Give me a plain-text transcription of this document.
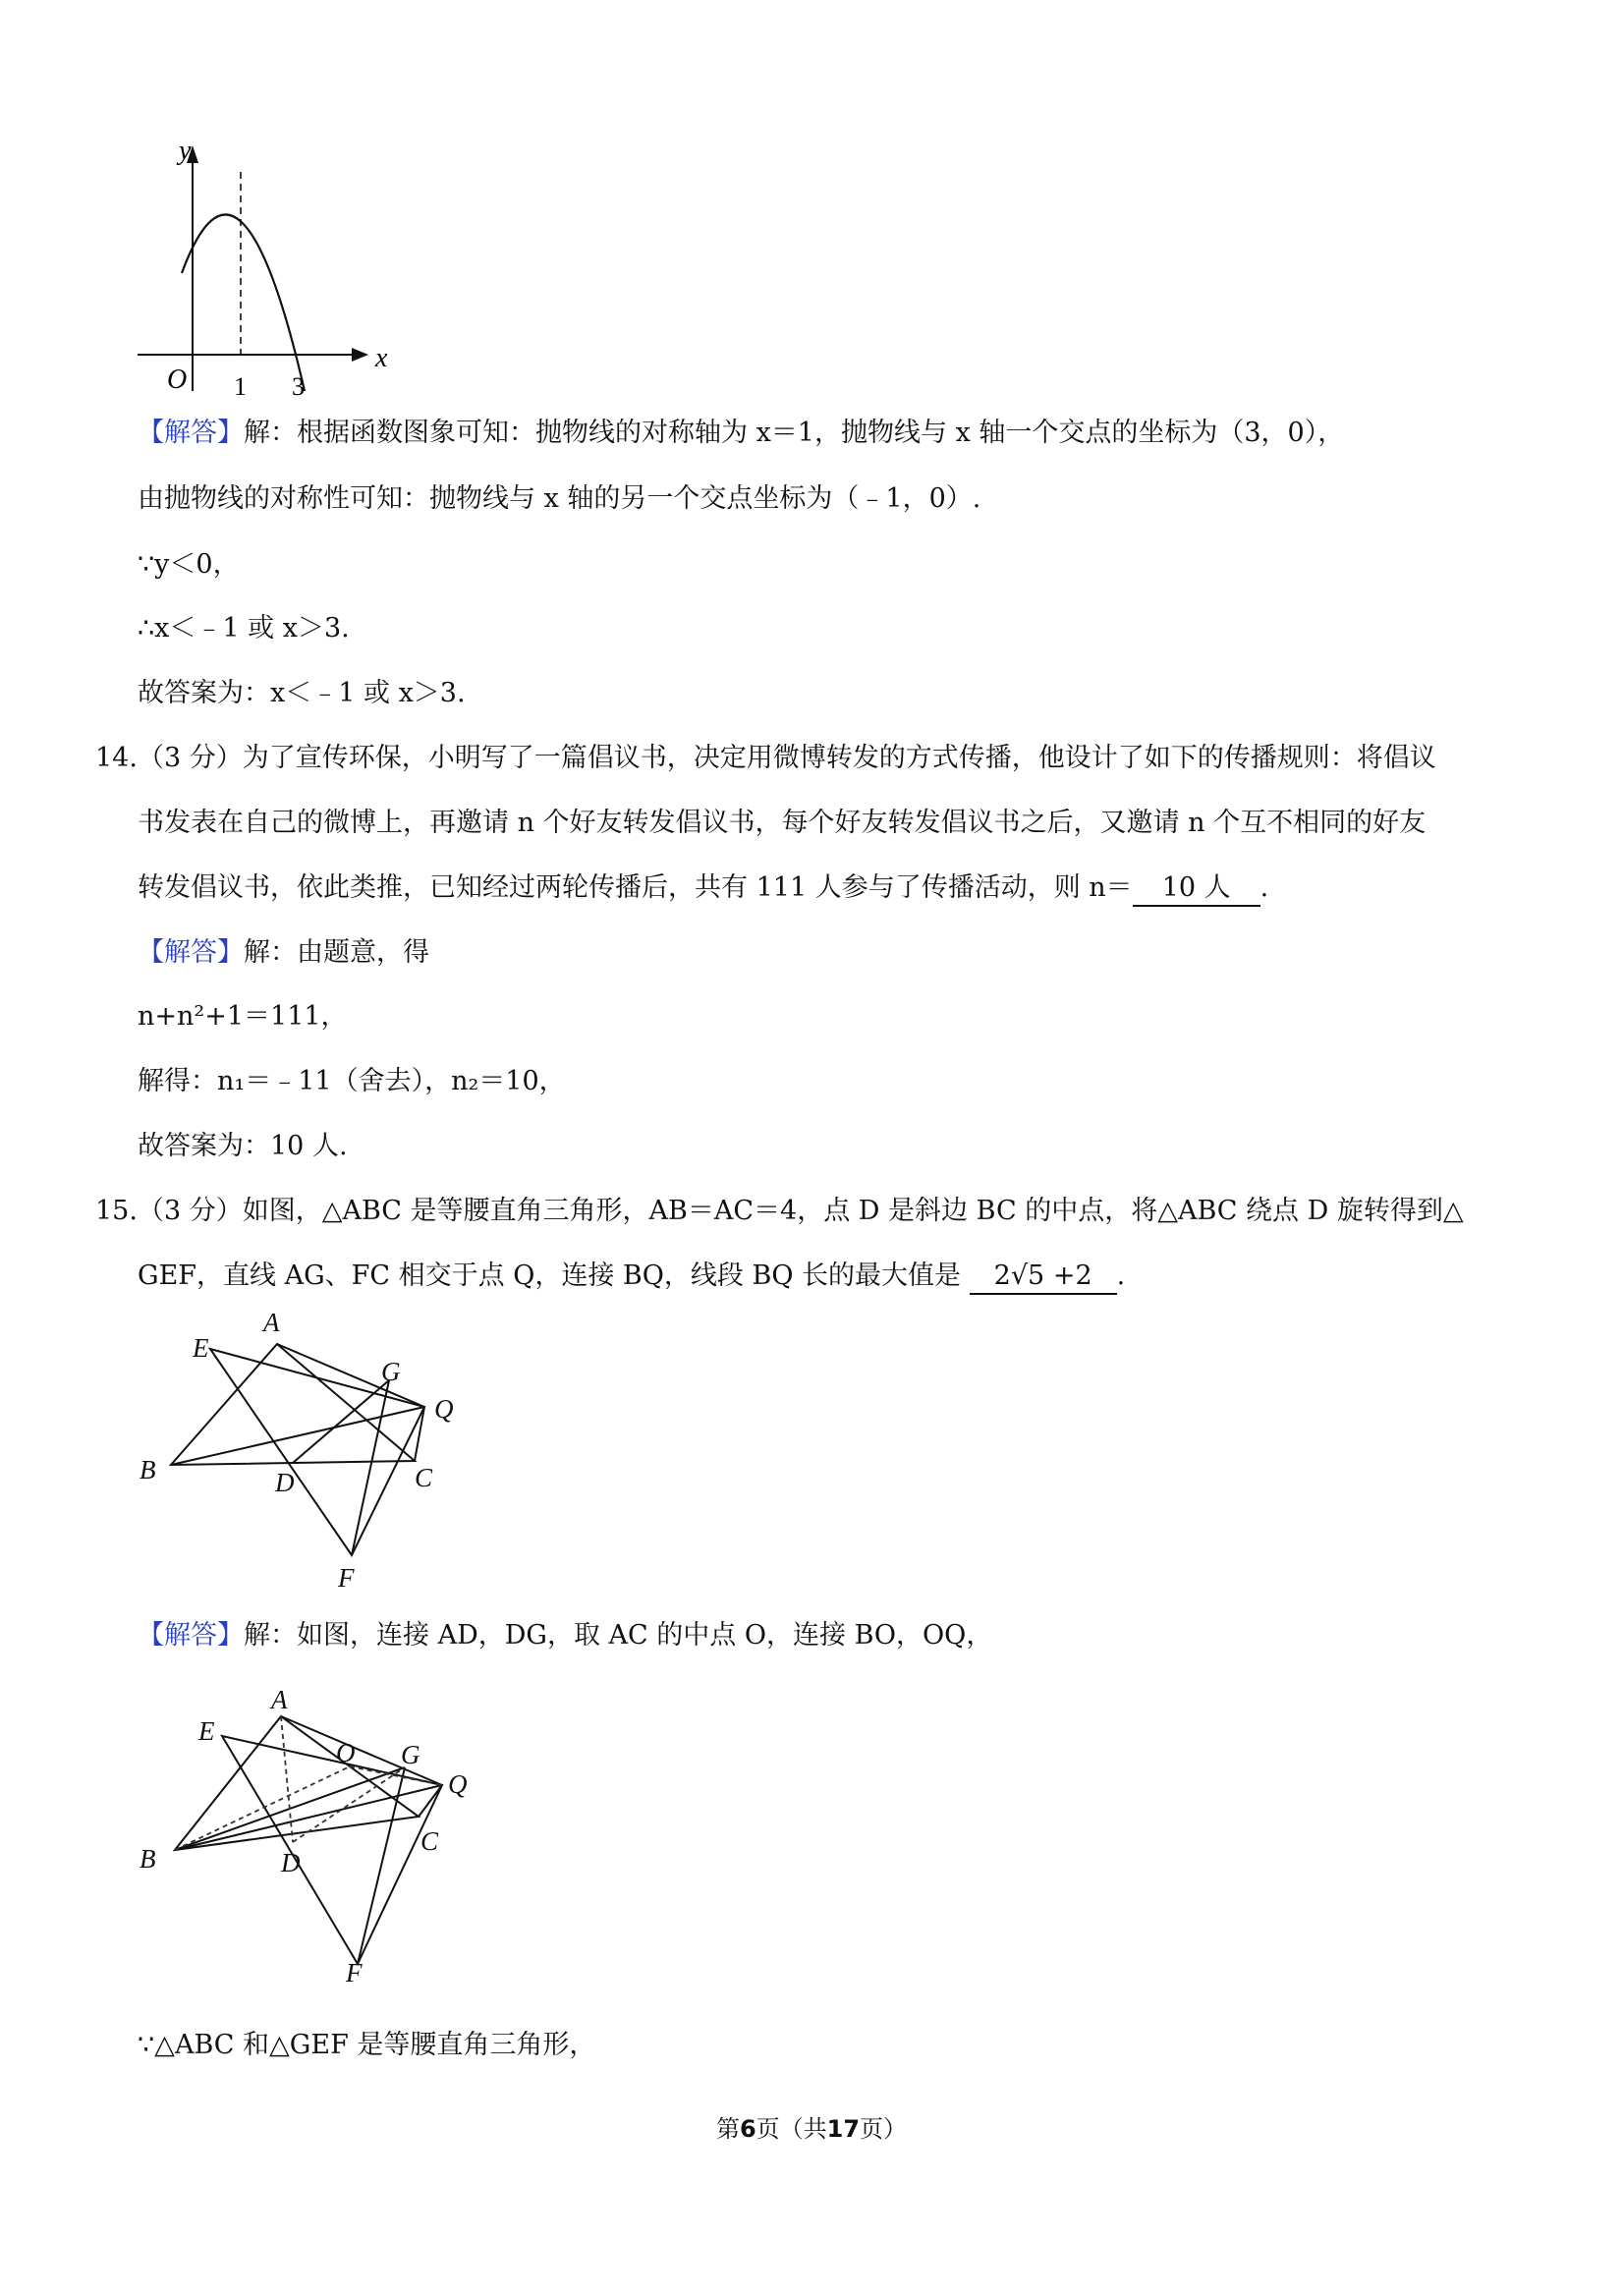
y
x
O 1 3
【解答】解：根据函数图象可知：抛物线的对称轴为 x＝1，抛物线与 x 轴一个交点的坐标为（3，0），
由抛物线的对称性可知：抛物线与 x 轴的另一个交点坐标为（﹣1，0）.
∵y＜0，
∴x＜﹣1 或 x＞3.
故答案为：x＜﹣1 或 x＞3.
14.（3 分）为了宣传环保，小明写了一篇倡议书，决定用微博转发的方式传播，他设计了如下的传播规则：将倡议
书发表在自己的微博上，再邀请 n 个好友转发倡议书，每个好友转发倡议书之后，又邀请 n 个互不相同的好友
转发倡议书，依此类推，已知经过两轮传播后，共有 111 人参与了传播活动，则 n＝ 10 人 .
【解答】解：由题意，得
n+n²+1＝111，
解得：n₁＝﹣11（舍去），n₂＝10，
故答案为：10 人.
15.（3 分）如图，△ABC 是等腰直角三角形，AB＝AC＝4，点 D 是斜边 BC 的中点，将△ABC 绕点 D 旋转得到△
GEF，直线 AG、FC 相交于点 Q，连接 BQ，线段 BQ 长的最大值是 2√5 +2 .
A
E
G
Q
B	D	C
F
【解答】解：如图，连接 AD，DG，取 AC 的中点 O，连接 BO，OQ，
A
E
G
O
Q
B	D
C
F
∵△ABC 和△GEF 是等腰直角三角形，
第6页（共17页）
